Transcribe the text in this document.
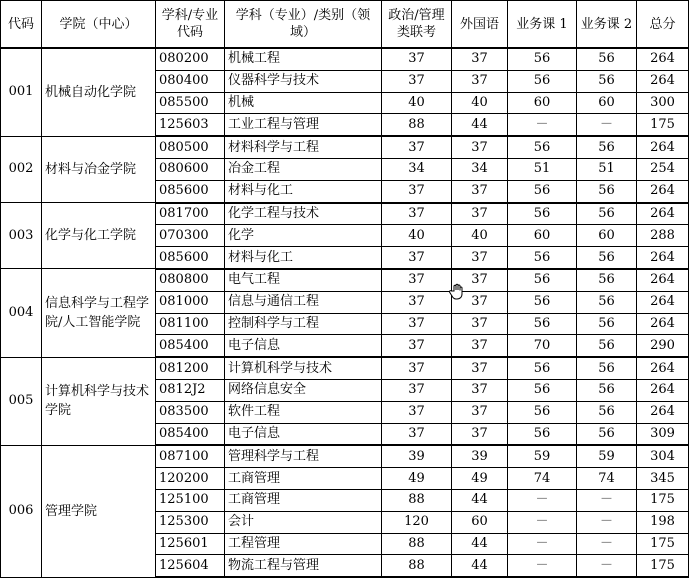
代码	学院（中心）	学科/专业代码	学科（专业）/类别（领域）	政治/管理类联考	外国语	业务课 1	业务课 2	总分
001	机械自动化学院	080200	机械工程	37	37	56	56	264
		080400	仪器科学与技术	37	37	56	56	264
		085500	机械	40	40	60	60	300
		125603	工业工程与管理	88	44	－	－	175
002	材料与冶金学院	080500	材料科学与工程	37	37	56	56	264
		080600	冶金工程	34	34	51	51	254
		085600	材料与化工	37	37	56	56	264
003	化学与化工学院	081700	化学工程与技术	37	37	56	56	264
		070300	化学	40	40	60	60	288
		085600	材料与化工	37	37	56	56	264
004	信息科学与工程学院/人工智能学院	080800	电气工程	37	37	56	56	264
		081000	信息与通信工程	37	37	56	56	264
		081100	控制科学与工程	37	37	56	56	264
		085400	电子信息	37	37	70	56	290
005	计算机科学与技术学院	081200	计算机科学与技术	37	37	56	56	264
		0812J2	网络信息安全	37	37	56	56	264
		083500	软件工程	37	37	56	56	264
		085400	电子信息	37	37	56	56	309
006	管理学院	087100	管理科学与工程	39	39	59	59	304
		120200	工商管理	49	49	74	74	345
		125100	工商管理	88	44	－	－	175
		125300	会计	120	60	－	－	198
		125601	工程管理	88	44	－	－	175
		125604	物流工程与管理	88	44	－	－	175
